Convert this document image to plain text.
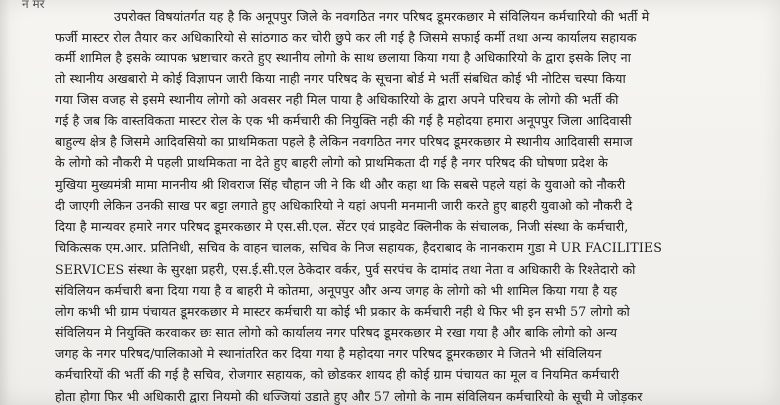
न मर
उपरोक्त विषयांतर्गत यह है कि अनूपपुर जिले के नवगठित नगर परिषद डूमरकछार मे संविलियन कर्मचारियो की भर्ती मे
फर्जी मास्टर रोल तैयार कर अधिकारियो से सांठगाठ कर चोरी छुपे कर ली गई है जिसमे सफाई कर्मी तथा अन्य कार्यालय सहायक
कर्मी शामिल है इसके व्यापक भ्रष्टाचार करते हुए स्थानीय लोगो के साथ छलाया किया गया है अधिकारियो के द्वारा इसके लिए ना
तो स्थानीय अखबारो मे कोई विज्ञापन जारी किया नाही नगर परिषद के सूचना बोर्ड मे भर्ती संबधित कोई भी नोटिस चस्पा किया
गया जिस वजह से इसमे स्थानीय लोगो को अवसर नही मिल पाया है अधिकारियो के द्वारा अपने परिचय के लोगो की भर्ती की
गई है जब कि वास्तविकता मास्टर रोल के एक भी कर्मचारी की नियुक्ति नही की गई है महोदया हमारा अनूपपुर जिला आदिवासी
बाहुल्य क्षेत्र है जिसमे आदिवसियो का प्राथमिकता पहले है लेकिन नवगठित नगर परिषद डूमरकछार मे स्थानीय आदिवासी समाज
के लोगो को नौकरी मे पहली प्राथमिकता ना देते हुए बाहरी लोगो को प्राथमिकता दी गई है नगर परिषद की घोषणा प्रदेश के
मुखिया मुख्यमंत्री मामा माननीय श्री शिवराज सिंह चौहान जी ने कि थी और कहा था कि सबसे पहले यहां के युवाओ को नौकरी
दी जाएगी लेकिन उनकी साख पर बट्टा लगाते हुए अधिकारियो ने यहां अपनी मनमानी जारी करते हुए बाहरी युवाओ को नौकरी दे
दिया है मान्यवर हमारे नगर परिषद डूमरकछार मे एस.सी.एल. सेंटर एवं प्राइवेट क्लिनीक के संचालक, निजी संस्था के कर्मचारी,
चिकित्सक एम.आर. प्रतिनिधी, सचिव के वाहन चालक, सचिव के निज सहायक, हैदराबाद के नानकराम गुडा मे UR FACILITIES
SERVICES संस्था के सुरक्षा प्रहरी, एस.ई.सी.एल ठेकेदार वर्कर, पुर्व सरपंच के दामांद तथा नेता व अधिकारी के रिश्तेदारो को
संविलियन कर्मचारी बना दिया गया है व बाहरी मे कोतमा, अनूपपुर और अन्य जगह के लोगो को भी शामिल किया गया है यह
लोग कभी भी ग्राम पंचायत डूमरकछार मे मास्टर कर्मचारी या कोई भी प्रकार के कर्मचारी नही थे फिर भी इन सभी 57 लोगो को
संविलियन मे नियुक्ति करवाकर छः सात लोगो को कार्यालय नगर परिषद डूमरकछार मे रखा गया है और बाकि लोगो को अन्य
जगह के नगर परिषद/पालिकाओ मे स्थानांतरित कर दिया गया है महोदया नगर परिषद डूमरकछार मे जितने भी संविलियन
कर्मचारियों की भर्ती की गई है सचिव, रोजगार सहायक, को छोडकर शायद ही कोई ग्राम पंचायत का मूल व नियमित कर्मचारी
होता होगा फिर भी अधिकारी द्वारा नियमो की धज्जियां उडाते हुए और 57 लोगो के नाम संविलियन कर्मचारियो के सूची मे जोड़कर
